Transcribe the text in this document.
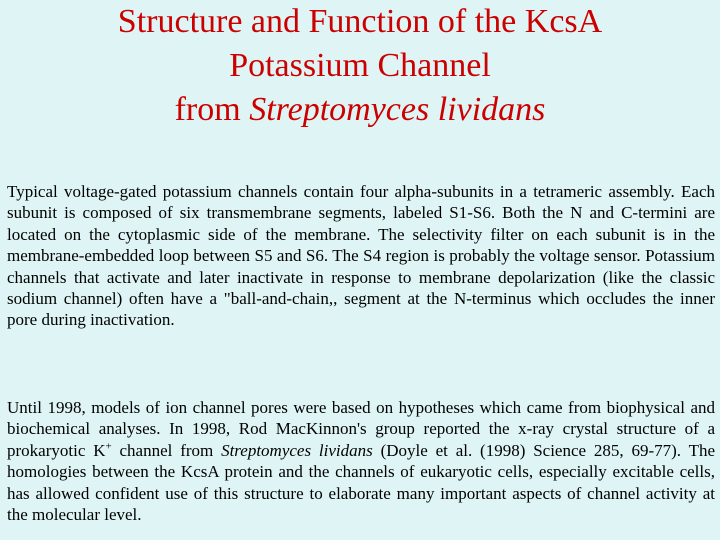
Structure and Function of the KcsA
Potassium Channel
from Streptomyces lividans

Typical voltage-gated potassium channels contain four alpha-subunits in a tetrameric assembly. Each subunit is composed of six transmembrane segments, labeled S1-S6. Both the N and C-termini are located on the cytoplasmic side of the membrane. The selectivity filter on each subunit is in the membrane-embedded loop between S5 and S6. The S4 region is probably the voltage sensor. Potassium channels that activate and later inactivate in response to membrane depolarization (like the classic sodium channel) often have a "ball-and-chain,, segment at the N-terminus which occludes the inner pore during inactivation.

Until 1998, models of ion channel pores were based on hypotheses which came from biophysical and biochemical analyses. In 1998, Rod MacKinnon's group reported the x-ray crystal structure of a prokaryotic K+ channel from Streptomyces lividans (Doyle et al. (1998) Science 285, 69-77). The homologies between the KcsA protein and the channels of eukaryotic cells, especially excitable cells, has allowed confident use of this structure to elaborate many important aspects of channel activity at the molecular level.
